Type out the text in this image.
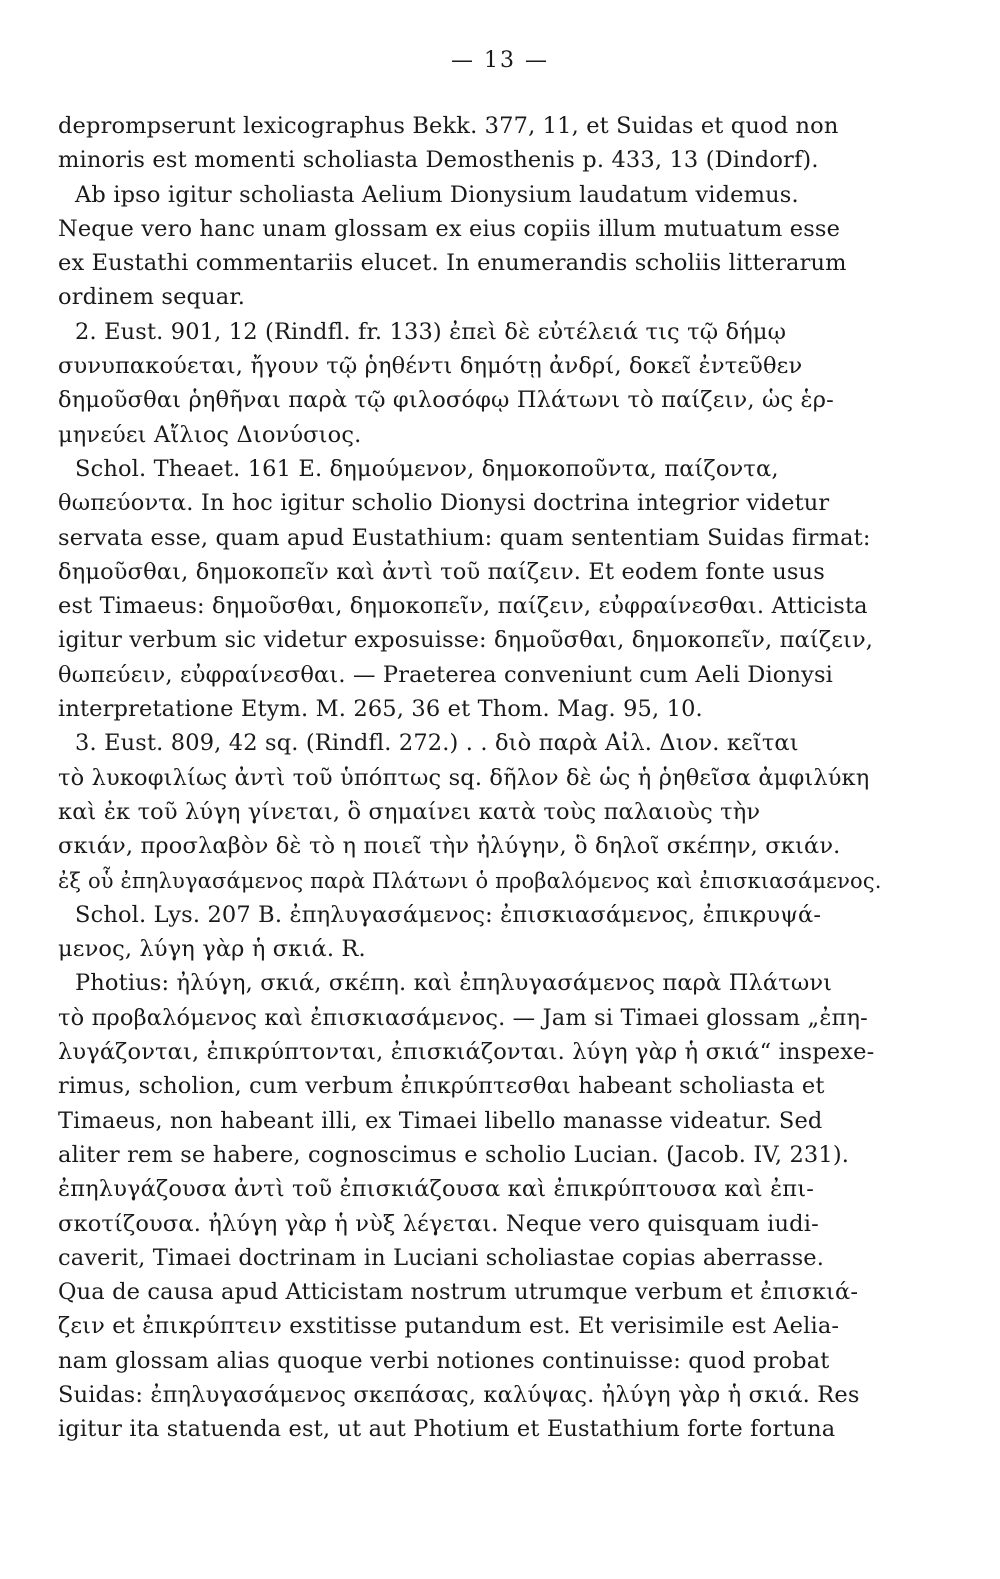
— 13 —
deprompserunt lexicographus Bekk. 377, 11, et Suidas et quod non
minoris est momenti scholiasta Demosthenis p. 433, 13 (Dindorf).
Ab ipso igitur scholiasta Aelium Dionysium laudatum videmus.
Neque vero hanc unam glossam ex eius copiis illum mutuatum esse
ex Eustathi commentariis elucet. In enumerandis scholiis litterarum
ordinem sequar.
2. Eust. 901, 12 (Rindfl. fr. 133) ἐπεὶ δὲ εὐτέλειά τις τῷ δήμῳ
συνυπακούεται, ἤγουν τῷ ῥηθέντι δημότῃ ἀνδρί, δοκεῖ ἐντεῦθεν
δημοῦσθαι ῥηθῆναι παρὰ τῷ φιλοσόφῳ Πλάτωνι τὸ παίζειν, ὡς ἑρ-
μηνεύει Αἴλιος Διονύσιος.
Schol. Theaet. 161 E. δημούμενον, δημοκοποῦντα, παίζοντα,
θωπεύοντα. In hoc igitur scholio Dionysi doctrina integrior videtur
servata esse, quam apud Eustathium: quam sententiam Suidas firmat:
δημοῦσθαι, δημοκοπεῖν καὶ ἀντὶ τοῦ παίζειν. Et eodem fonte usus
est Timaeus: δημοῦσθαι, δημοκοπεῖν, παίζειν, εὐφραίνεσθαι. Atticista
igitur verbum sic videtur exposuisse: δημοῦσθαι, δημοκοπεῖν, παίζειν,
θωπεύειν, εὐφραίνεσθαι. — Praeterea conveniunt cum Aeli Dionysi
interpretatione Etym. M. 265, 36 et Thom. Mag. 95, 10.
3. Eust. 809, 42 sq. (Rindfl. 272.) . . διὸ παρὰ Αἰλ. Διον. κεῖται
τὸ λυκοφιλίως ἀντὶ τοῦ ὑπόπτως sq. δῆλον δὲ ὡς ἡ ῥηθεῖσα ἀμφιλύκη
καὶ ἐκ τοῦ λύγη γίνεται, ὃ σημαίνει κατὰ τοὺς παλαιοὺς τὴν
σκιάν, προσλαβὸν δὲ τὸ η ποιεῖ τὴν ἠλύγην, ὃ δηλοῖ σκέπην, σκιάν.
ἐξ οὗ ἐπηλυγασάμενος παρὰ Πλάτωνι ὁ προβαλόμενος καὶ ἐπισκιασάμενος.
Schol. Lys. 207 B. ἐπηλυγασάμενος: ἐπισκιασάμενος, ἐπικρυψά-
μενος, λύγη γὰρ ἡ σκιά. R.
Photius: ἠλύγη, σκιά, σκέπη. καὶ ἐπηλυγασάμενος παρὰ Πλάτωνι
τὸ προβαλόμενος καὶ ἐπισκιασάμενος. — Jam si Timaei glossam „ἐπη-
λυγάζονται, ἐπικρύπτονται, ἐπισκιάζονται. λύγη γὰρ ἡ σκιά“ inspexe-
rimus, scholion, cum verbum ἐπικρύπτεσθαι habeant scholiasta et
Timaeus, non habeant illi, ex Timaei libello manasse videatur. Sed
aliter rem se habere, cognoscimus e scholio Lucian. (Jacob. IV, 231).
ἐπηλυγάζουσα ἀντὶ τοῦ ἐπισκιάζουσα καὶ ἐπικρύπτουσα καὶ ἐπι-
σκοτίζουσα. ἠλύγη γὰρ ἡ νὺξ λέγεται. Neque vero quisquam iudi-
caverit, Timaei doctrinam in Luciani scholiastae copias aberrasse.
Qua de causa apud Atticistam nostrum utrumque verbum et ἐπισκιά-
ζειν et ἐπικρύπτειν exstitisse putandum est. Et verisimile est Aelia-
nam glossam alias quoque verbi notiones continuisse: quod probat
Suidas: ἐπηλυγασάμενος σκεπάσας, καλύψας. ἠλύγη γὰρ ἡ σκιά. Res
igitur ita statuenda est, ut aut Photium et Eustathium forte fortuna
